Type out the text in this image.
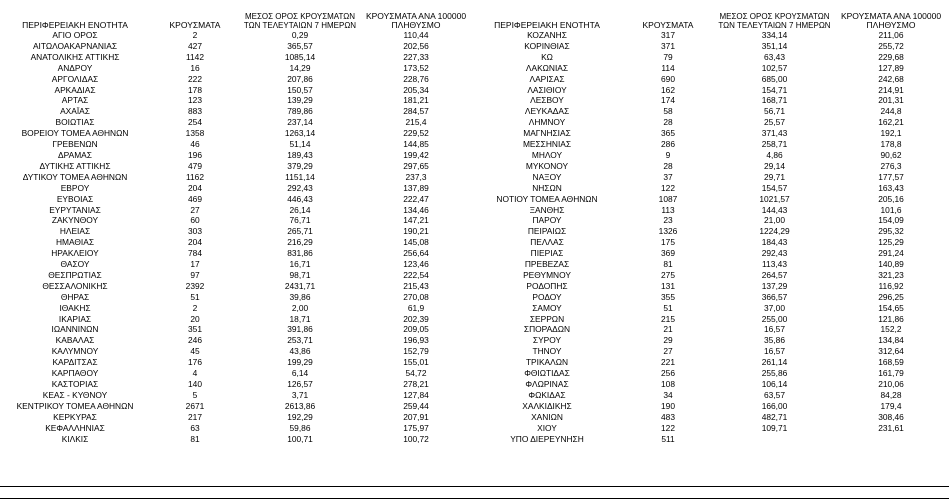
ΠΕΡΙΦΕΡΕΙΑΚΗ ΕΝΟΤΗΤΑ	ΚΡΟΥΣΜΑΤΑ	ΜΕΣΟΣ ΟΡΟΣ ΚΡΟΥΣΜΑΤΩΝ ΤΩΝ ΤΕΛΕΥΤΑΙΩΝ 7 ΗΜΕΡΩΝ	ΚΡΟΥΣΜΑΤΑ ΑΝΑ 100000 ΠΛΗΘΥΣΜΟ
ΑΓΙΟ ΟΡΟΣ	2	0,29	110,44
ΑΙΤΩΛΟΑΚΑΡΝΑΝΙΑΣ	427	365,57	202,56
ΑΝΑΤΟΛΙΚΗΣ ΑΤΤΙΚΗΣ	1142	1085,14	227,33
ΑΝΔΡΟΥ	16	14,29	173,52
ΑΡΓΟΛΙΔΑΣ	222	207,86	228,76
ΑΡΚΑΔΙΑΣ	178	150,57	205,34
ΑΡΤΑΣ	123	139,29	181,21
ΑΧΑΪΑΣ	883	789,86	284,57
ΒΟΙΩΤΙΑΣ	254	237,14	215,4
ΒΟΡΕΙΟΥ ΤΟΜΕΑ ΑΘΗΝΩΝ	1358	1263,14	229,52
ΓΡΕΒΕΝΩΝ	46	51,14	144,85
ΔΡΑΜΑΣ	196	189,43	199,42
ΔΥΤΙΚΗΣ ΑΤΤΙΚΗΣ	479	379,29	297,65
ΔΥΤΙΚΟΥ ΤΟΜΕΑ ΑΘΗΝΩΝ	1162	1151,14	237,3
ΕΒΡΟΥ	204	292,43	137,89
ΕΥΒΟΙΑΣ	469	446,43	222,47
ΕΥΡΥΤΑΝΙΑΣ	27	26,14	134,46
ΖΑΚΥΝΘΟΥ	60	76,71	147,21
ΗΛΕΙΑΣ	303	265,71	190,21
ΗΜΑΘΙΑΣ	204	216,29	145,08
ΗΡΑΚΛΕΙΟΥ	784	831,86	256,64
ΘΑΣΟΥ	17	16,71	123,46
ΘΕΣΠΡΩΤΙΑΣ	97	98,71	222,54
ΘΕΣΣΑΛΟΝΙΚΗΣ	2392	2431,71	215,43
ΘΗΡΑΣ	51	39,86	270,08
ΙΘΑΚΗΣ	2	2,00	61,9
ΙΚΑΡΙΑΣ	20	18,71	202,39
ΙΩΑΝΝΙΝΩΝ	351	391,86	209,05
ΚΑΒΑΛΑΣ	246	253,71	196,93
ΚΑΛΥΜΝΟΥ	45	43,86	152,79
ΚΑΡΔΙΤΣΑΣ	176	199,29	155,01
ΚΑΡΠΑΘΟΥ	4	6,14	54,72
ΚΑΣΤΟΡΙΑΣ	140	126,57	278,21
ΚΕΑΣ - ΚΥΘΝΟΥ	5	3,71	127,84
ΚΕΝΤΡΙΚΟΥ ΤΟΜΕΑ ΑΘΗΝΩΝ	2671	2613,86	259,44
ΚΕΡΚΥΡΑΣ	217	192,29	207,91
ΚΕΦΑΛΛΗΝΙΑΣ	63	59,86	175,97
ΚΙΛΚΙΣ	81	100,71	100,72
ΠΕΡΙΦΕΡΕΙΑΚΗ ΕΝΟΤΗΤΑ	ΚΡΟΥΣΜΑΤΑ	ΜΕΣΟΣ ΟΡΟΣ ΚΡΟΥΣΜΑΤΩΝ ΤΩΝ ΤΕΛΕΥΤΑΙΩΝ 7 ΗΜΕΡΩΝ	ΚΡΟΥΣΜΑΤΑ ΑΝΑ 100000 ΠΛΗΘΥΣΜΟ
ΚΟΖΑΝΗΣ	317	334,14	211,06
ΚΟΡΙΝΘΙΑΣ	371	351,14	255,72
ΚΩ	79	63,43	229,68
ΛΑΚΩΝΙΑΣ	114	102,57	127,89
ΛΑΡΙΣΑΣ	690	685,00	242,68
ΛΑΣΙΘΙΟΥ	162	154,71	214,91
ΛΕΣΒΟΥ	174	168,71	201,31
ΛΕΥΚΑΔΑΣ	58	56,71	244,8
ΛΗΜΝΟΥ	28	25,57	162,21
ΜΑΓΝΗΣΙΑΣ	365	371,43	192,1
ΜΕΣΣΗΝΙΑΣ	286	258,71	178,8
ΜΗΛΟΥ	9	4,86	90,62
ΜΥΚΟΝΟΥ	28	29,14	276,3
ΝΑΞΟΥ	37	29,71	177,57
ΝΗΣΩΝ	122	154,57	163,43
ΝΟΤΙΟΥ ΤΟΜΕΑ ΑΘΗΝΩΝ	1087	1021,57	205,16
ΞΑΝΘΗΣ	113	144,43	101,6
ΠΑΡΟΥ	23	21,00	154,09
ΠΕΙΡΑΙΩΣ	1326	1224,29	295,32
ΠΕΛΛΑΣ	175	184,43	125,29
ΠΙΕΡΙΑΣ	369	292,43	291,24
ΠΡΕΒΕΖΑΣ	81	113,43	140,89
ΡΕΘΥΜΝΟΥ	275	264,57	321,23
ΡΟΔΟΠΗΣ	131	137,29	116,92
ΡΟΔΟΥ	355	366,57	296,25
ΣΑΜΟΥ	51	37,00	154,65
ΣΕΡΡΩΝ	215	255,00	121,86
ΣΠΟΡΑΔΩΝ	21	16,57	152,2
ΣΥΡΟΥ	29	35,86	134,84
ΤΗΝΟΥ	27	16,57	312,64
ΤΡΙΚΑΛΩΝ	221	261,14	168,59
ΦΘΙΩΤΙΔΑΣ	256	255,86	161,79
ΦΛΩΡΙΝΑΣ	108	106,14	210,06
ΦΩΚΙΔΑΣ	34	63,57	84,28
ΧΑΛΚΙΔΙΚΗΣ	190	166,00	179,4
ΧΑΝΙΩΝ	483	482,71	308,46
ΧΙΟΥ	122	109,71	231,61
ΥΠΟ ΔΙΕΡΕΥΝΗΣΗ	511		
